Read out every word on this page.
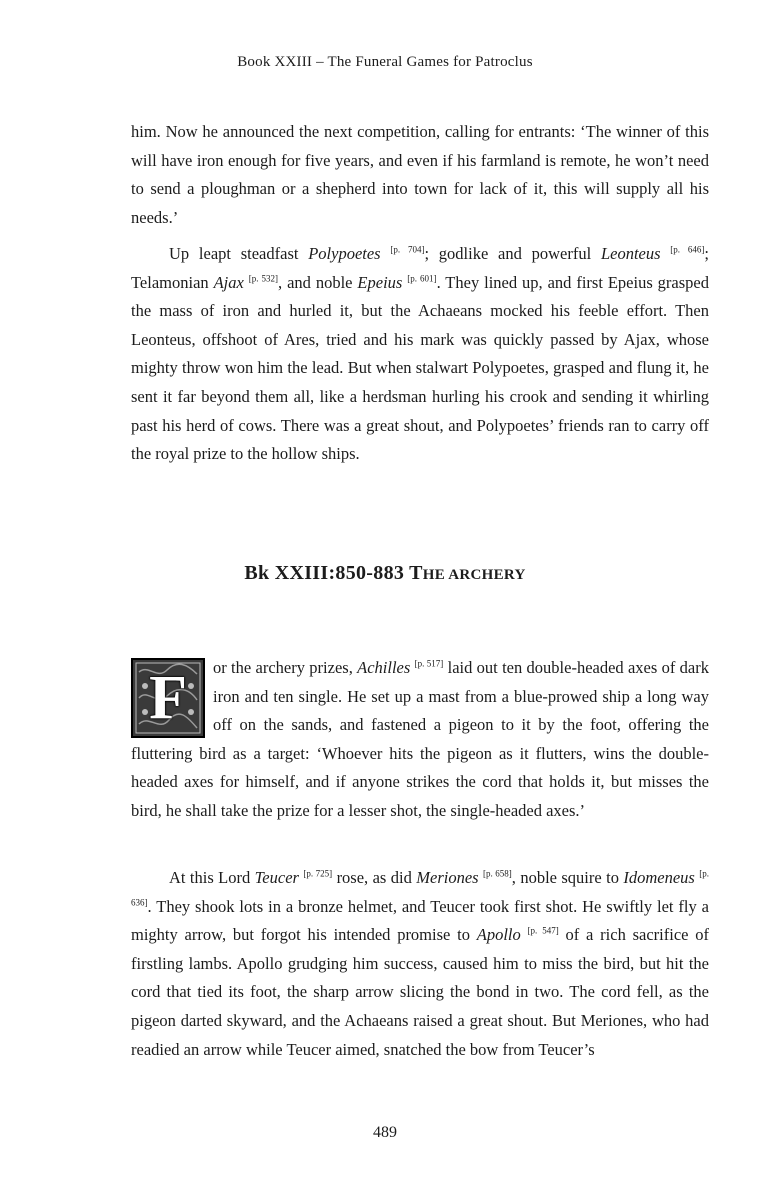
Book XXIII – The Funeral Games for Patroclus

him. Now he announced the next competition, calling for entrants: ‘The winner of this will have iron enough for five years, and even if his farmland is remote, he won’t need to send a ploughman or a shepherd into town for lack of it, this will supply all his needs.’

Up leapt steadfast Polypoetes [p. 704]; godlike and powerful Leonteus [p. 646]; Telamonian Ajax [p. 532], and noble Epeius [p. 601]. They lined up, and first Epeius grasped the mass of iron and hurled it, but the Achaeans mocked his feeble effort. Then Leonteus, offshoot of Ares, tried and his mark was quickly passed by Ajax, whose mighty throw won him the lead. But when stalwart Polypoetes, grasped and flung it, he sent it far beyond them all, like a herdsman hurling his crook and sending it whirling past his herd of cows. There was a great shout, and Polypoetes’ friends ran to carry off the royal prize to the hollow ships.

Bk XXIII:850-883 THE ARCHERY
F	or the archery prizes, Achilles [p. 517] laid out ten double-headed axes of dark iron and ten single. He set up a mast from a blue-prowed ship a long way off on the sands, and fastened a pigeon to it by the foot, offering the fluttering bird as a target: ‘Whoever hits the pigeon as it flutters, wins the double-headed axes for himself, and if anyone strikes the cord that holds it, but misses the bird, he shall take the prize for a lesser shot, the single-headed axes.’

At this Lord Teucer [p. 725] rose, as did Meriones [p. 658], noble squire to Idomeneus [p. 636]. They shook lots in a bronze helmet, and Teucer took first shot. He swiftly let fly a mighty arrow, but forgot his intended promise to Apollo [p. 547] of a rich sacrifice of firstling lambs. Apollo grudging him success, caused him to miss the bird, but hit the cord that tied its foot, the sharp arrow slicing the bond in two. The cord fell, as the pigeon darted skyward, and the Achaeans raised a great shout. But Meriones, who had readied an arrow while Teucer aimed, snatched the bow from Teucer’s

489
